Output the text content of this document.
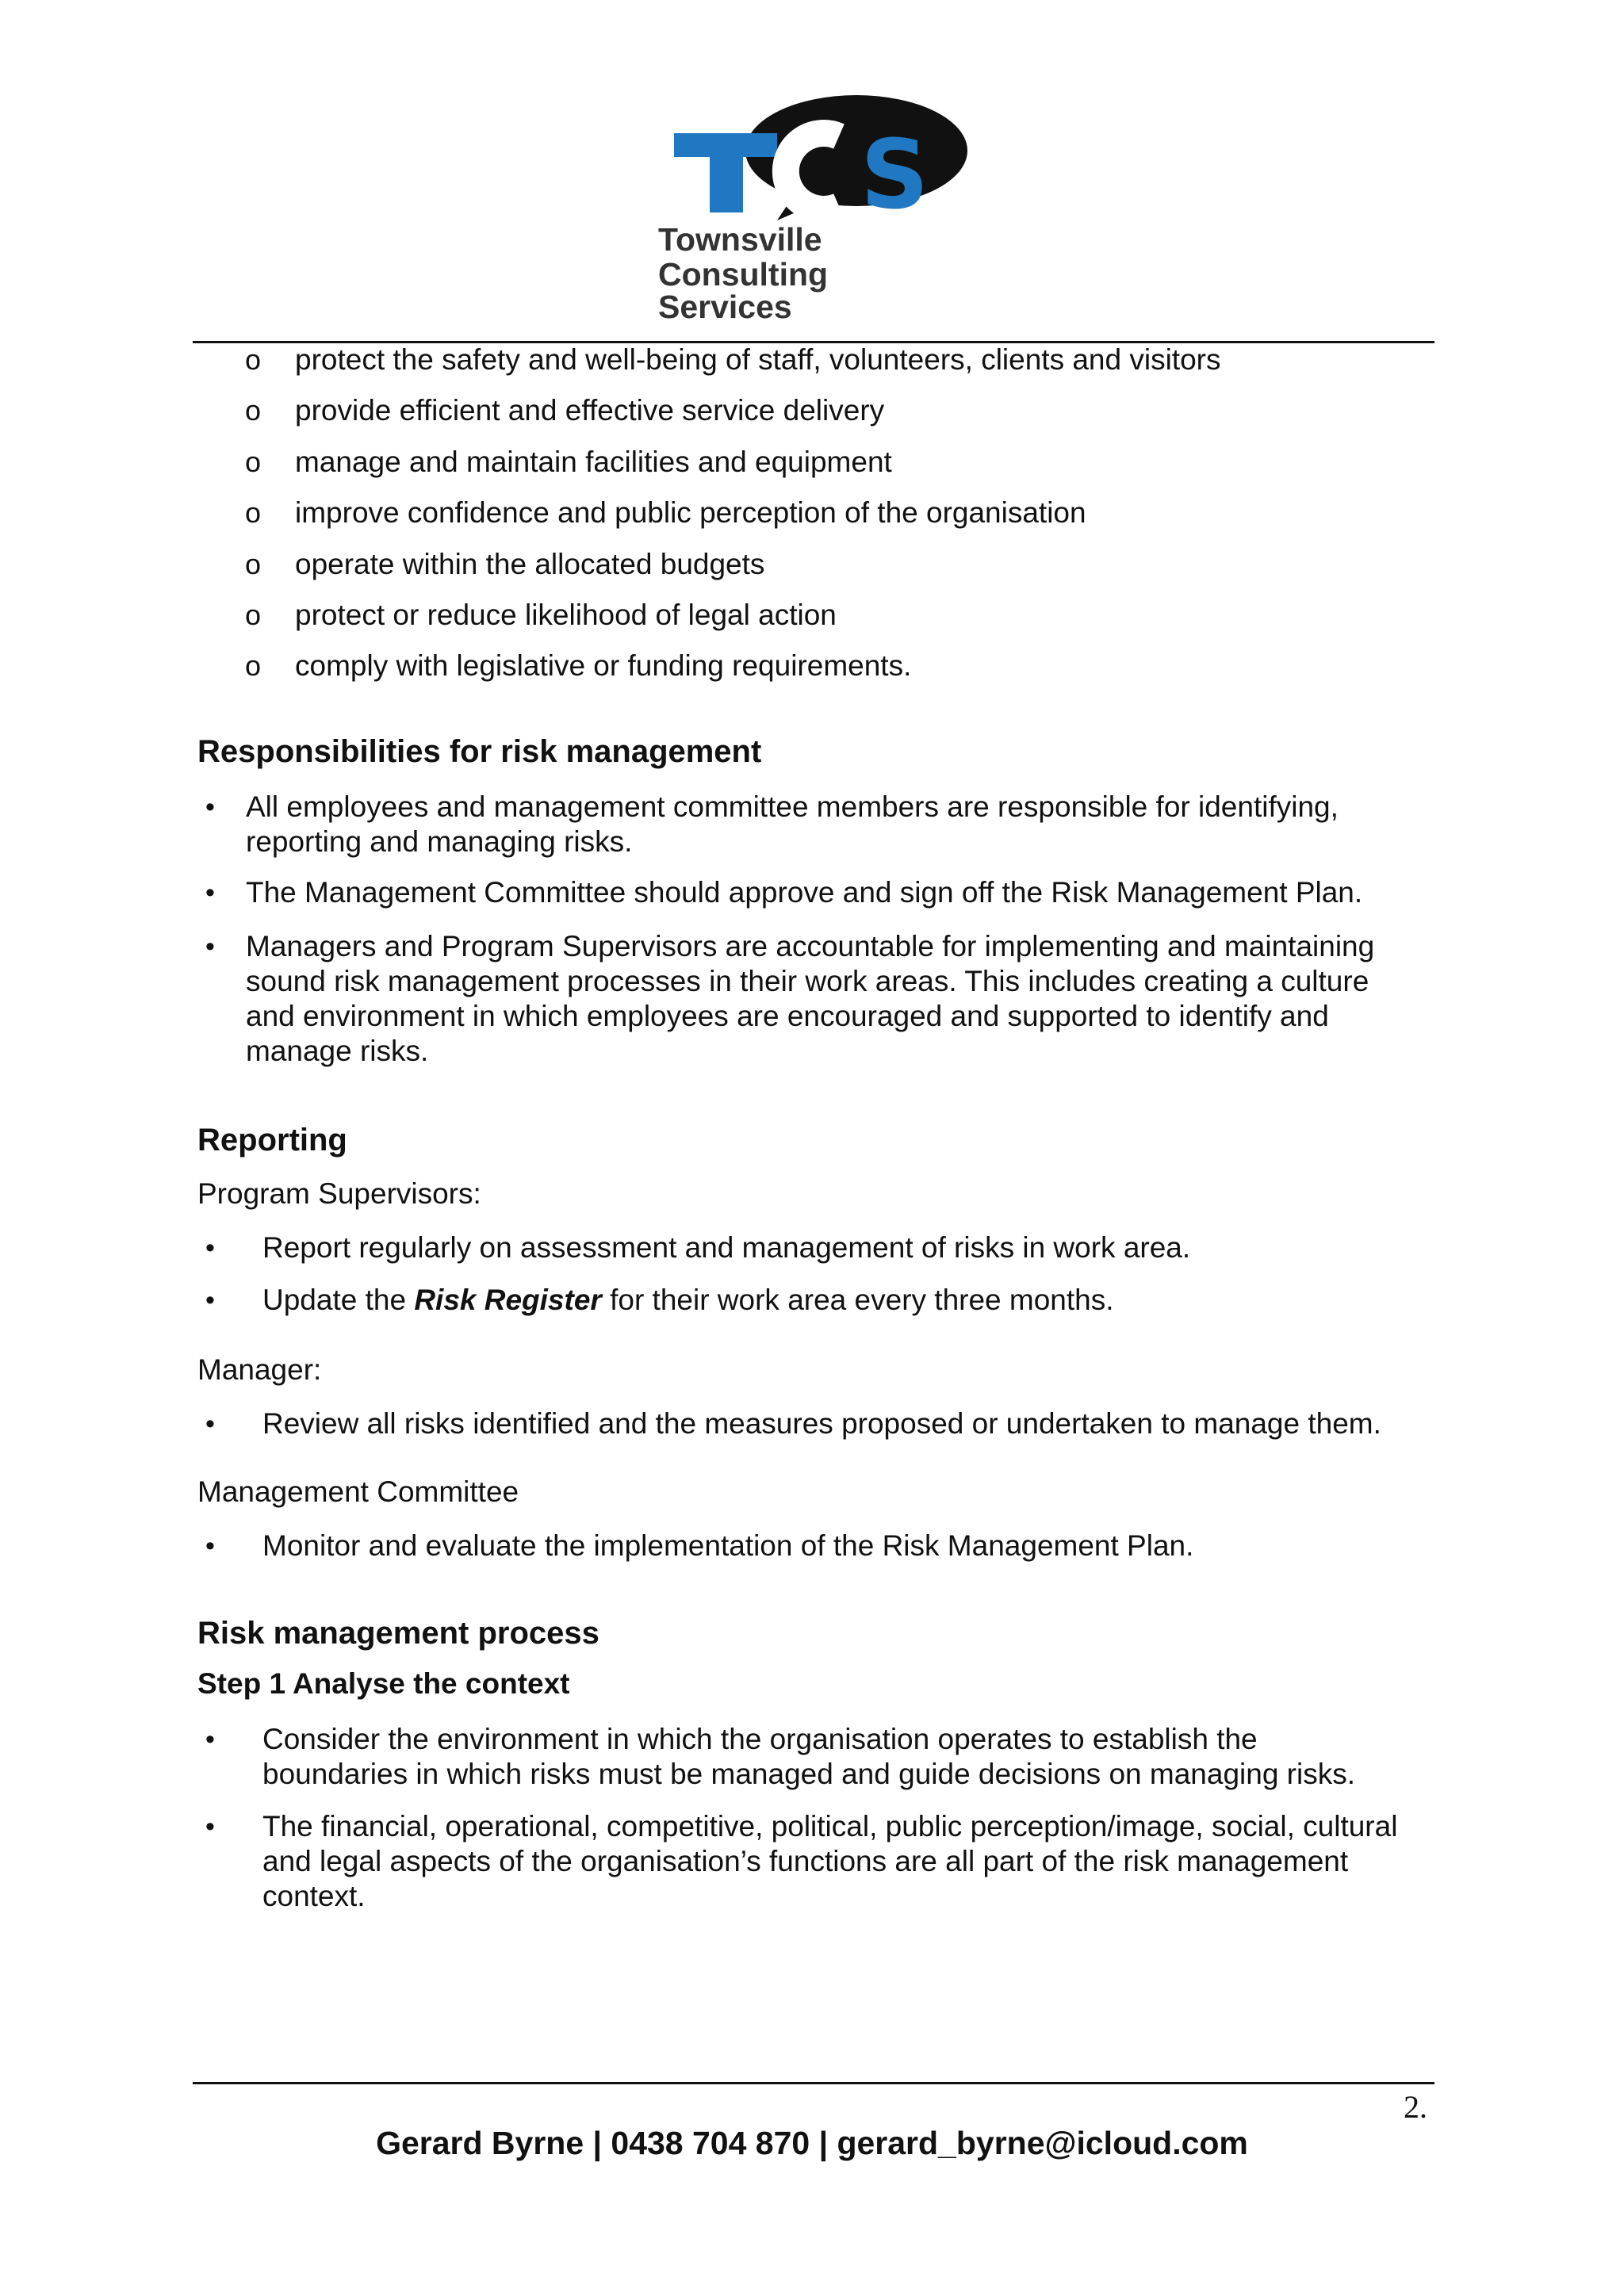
S
Townsville
Consulting Services
o protect the safety and well-being of staff, volunteers, clients and visitors
o provide efficient and effective service delivery
o manage and maintain facilities and equipment
o improve confidence and public perception of the organisation
o operate within the allocated budgets
o protect or reduce likelihood of legal action
o comply with legislative or funding requirements.
Responsibilities for risk management
• All employees and management committee members are responsible for identifying,
reporting and managing risks.
• The Management Committee should approve and sign off the Risk Management Plan.
• Managers and Program Supervisors are accountable for implementing and maintaining
sound risk management processes in their work areas. This includes creating a culture
and environment in which employees are encouraged and supported to identify and
manage risks.
Reporting
Program Supervisors:
• Report regularly on assessment and management of risks in work area.
• Update the Risk Register for their work area every three months.
Manager:
• Review all risks identified and the measures proposed or undertaken to manage them.
Management Committee
• Monitor and evaluate the implementation of the Risk Management Plan.
Risk management process
Step 1 Analyse the context
• Consider the environment in which the organisation operates to establish the
boundaries in which risks must be managed and guide decisions on managing risks.
• The financial, operational, competitive, political, public perception/image, social, cultural
and legal aspects of the organisation’s functions are all part of the risk management
context.
2.
Gerard Byrne | 0438 704 870 | gerard_byrne@icloud.com
